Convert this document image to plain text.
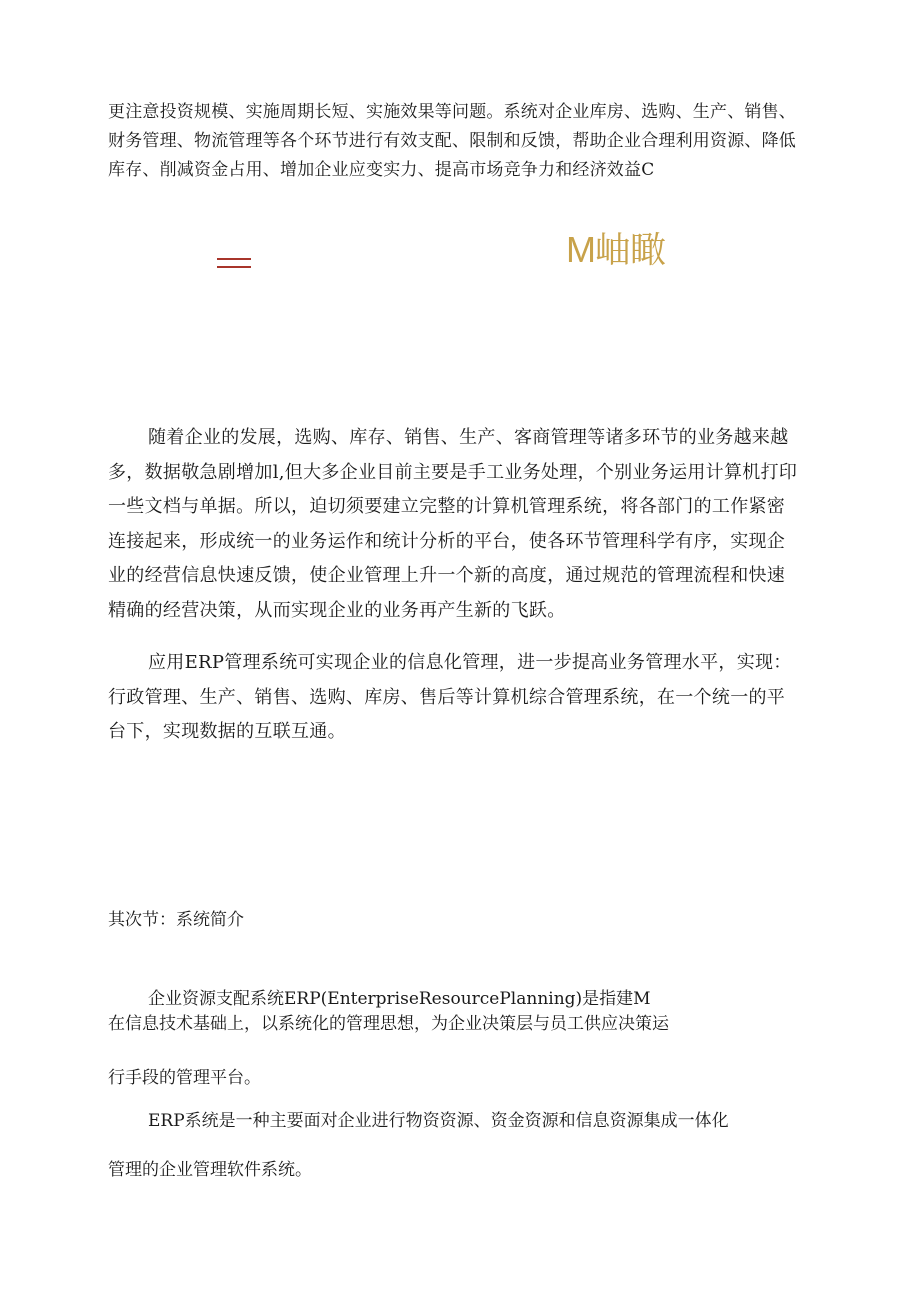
更注意投资规模、实施周期长短、实施效果等问题。系统对企业库房、选购、生产、销售、财务管理、物流管理等各个环节进行有效支配、限制和反馈，帮助企业合理利用资源、降低库存、削减资金占用、增加企业应变实力、提高市场竞争力和经济效益C

M岫瞰

随着企业的发展，选购、库存、销售、生产、客商管理等诸多环节的业务越来越多，数据敬急剧增加l,但大多企业目前主要是手工业务处理，个别业务运用计算机打印一些文档与单据。所以，迫切须要建立完整的计算机管理系统，将各部门的工作紧密连接起来，形成统一的业务运作和统计分析的平台，使各环节管理科学有序，实现企业的经营信息快速反馈，使企业管理上升一个新的高度，通过规范的管理流程和快速精确的经营决策，从而实现企业的业务再产生新的飞跃。

应用ERP管理系统可实现企业的信息化管理，进一步提高业务管理水平，实现：行政管理、生产、销售、选购、库房、售后等计算机综合管理系统，在一个统一的平台下，实现数据的互联互通。

其次节：系统简介

企业资源支配系统ERP(EnterpriseResourcePlanning)是指建M
在信息技术基础上，以系统化的管理思想，为企业决策层与员工供应决策运

行手段的管理平台。

ERP系统是一种主要面对企业进行物资资源、资金资源和信息资源集成一体化

管理的企业管理软件系统。
